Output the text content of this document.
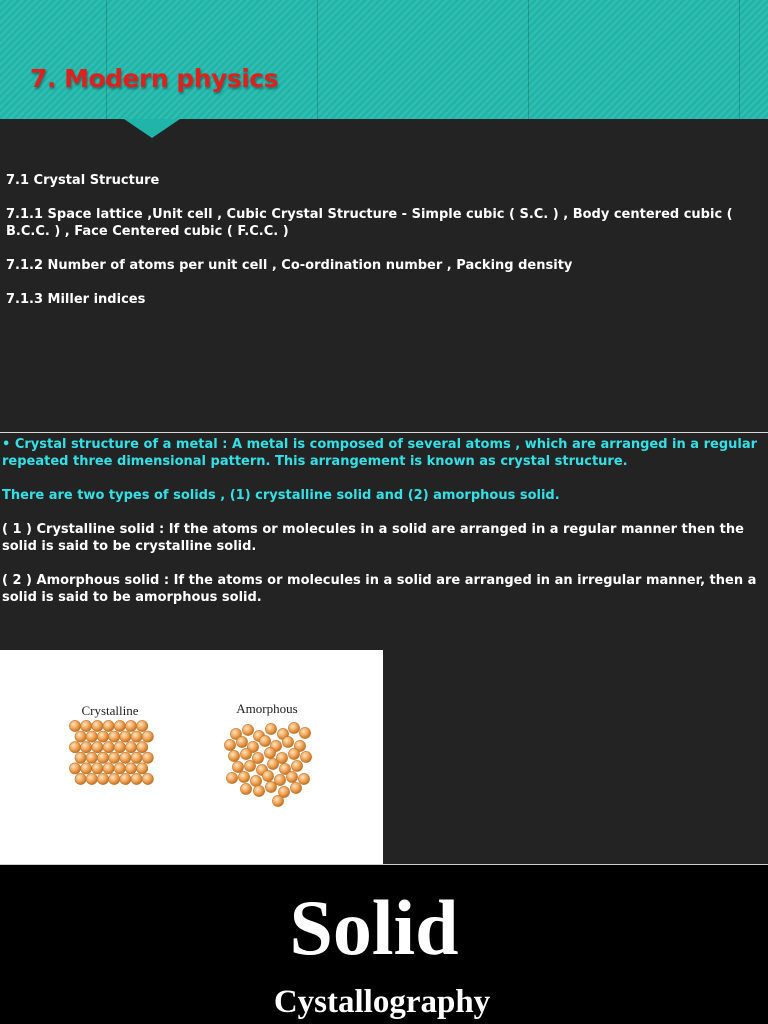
7. Modern physics

7.1 Crystal Structure

7.1.1 Space lattice ,Unit cell , Cubic Crystal Structure - Simple cubic ( S.C. ) , Body centered cubic ( B.C.C. ) , Face Centered cubic ( F.C.C. )

7.1.2 Number of atoms per unit cell , Co-ordination number , Packing density

7.1.3 Miller indices

• Crystal structure of a metal : A metal is composed of several atoms , which are arranged in a regular repeated three dimensional pattern. This arrangement is known as crystal structure.

There are two types of solids , (1) crystalline solid and (2) amorphous solid.

( 1 ) Crystalline solid : If the atoms or molecules in a solid are arranged in a regular manner then the solid is said to be crystalline solid.

( 2 ) Amorphous solid : If the atoms or molecules in a solid are arranged in an irregular manner, then a solid is said to be amorphous solid.

Crystalline	Amorphous
Solid
Cystallography
